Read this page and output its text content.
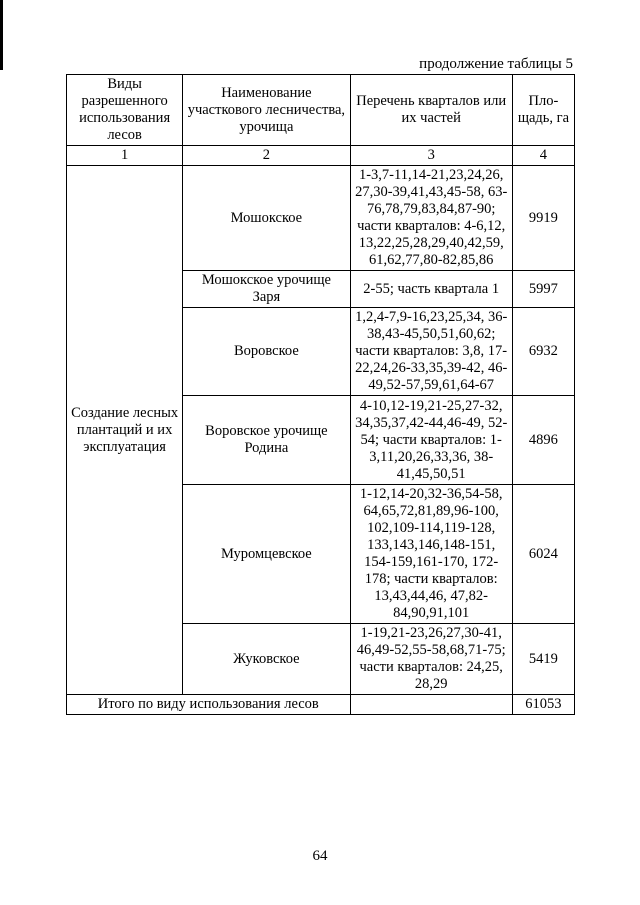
продолжение таблицы 5
Виды разрешенного использования лесов	Наименование участкового лесничества, урочища	Перечень кварталов или их частей	Пло-щадь, га
1	2	3	4
Создание лесных плантаций и их эксплуатация	Мошокское	1-3,7-11,14-21,23,24,26, 27,30-39,41,43,45-58, 63-76,78,79,83,84,87-90; части кварталов: 4-6,12, 13,22,25,28,29,40,42,59, 61,62,77,80-82,85,86	9919
	Мошокское урочище Заря	2-55; часть квартала 1	5997
	Воровское	1,2,4-7,9-16,23,25,34, 36-38,43-45,50,51,60,62; части кварталов: 3,8, 17-22,24,26-33,35,39-42, 46-49,52-57,59,61,64-67	6932
	Воровское урочище Родина	4-10,12-19,21-25,27-32, 34,35,37,42-44,46-49, 52-54; части кварталов: 1-3,11,20,26,33,36, 38-41,45,50,51	4896
	Муромцевское	1-12,14-20,32-36,54-58, 64,65,72,81,89,96-100, 102,109-114,119-128, 133,143,146,148-151, 154-159,161-170, 172-178; части кварталов: 13,43,44,46, 47,82-84,90,91,101	6024
	Жуковское	1-19,21-23,26,27,30-41, 46,49-52,55-58,68,71-75; части кварталов: 24,25, 28,29	5419
Итого по виду использования лесов			61053
64
